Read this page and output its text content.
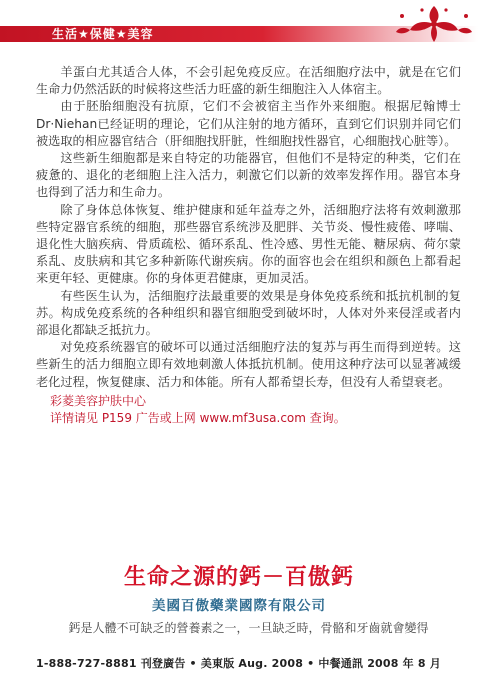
生活★保健★美容

羊蛋白尤其适合人体，不会引起免疫反应。在活细胞疗法中，就是在它们生命力仍然活跃的时候将这些活力旺盛的新生细胞注入人体宿主。

由于胚胎细胞没有抗原，它们不会被宿主当作外来细胞。根据尼翰博士Dr·Niehan已经证明的理论，它们从注射的地方循环，直到它们识别并同它们被选取的相应器官结合（肝细胞找肝脏，性细胞找性器官，心细胞找心脏等）。

这些新生细胞都是来自特定的功能器官，但他们不是特定的种类，它们在疲惫的、退化的老细胞上注入活力，刺激它们以新的效率发挥作用。器官本身也得到了活力和生命力。

除了身体总体恢复、维护健康和延年益寿之外，活细胞疗法将有效刺激那些特定器官系统的细胞，那些器官系统涉及肥胖、关节炎、慢性疲倦、哮喘、退化性大脑疾病、骨质疏松、循环系乱、性冷感、男性无能、糖尿病、荷尔蒙系乱、皮肤病和其它多种新陈代谢疾病。你的面容也会在组织和颜色上都看起来更年轻、更健康。你的身体更君健康，更加灵活。

有些医生认为，活细胞疗法最重要的效果是身体免疫系统和抵抗机制的复苏。构成免疫系统的各种组织和器官细胞受到破坏时，人体对外来侵淫或者内部退化都缺乏抵抗力。

对免疫系统器官的破坏可以通过活细胞疗法的复苏与再生而得到逆转。这些新生的活力细胞立即有效地刺激人体抵抗机制。使用这种疗法可以显著减缓老化过程，恢复健康、活力和体能。所有人都希望长寿，但没有人希望衰老。

彩菱美容护肤中心
详情请见 P159 广告或上网 www.mf3usa.com 查询。
生命之源的鈣－百傲鈣
美國百傲藥業國際有限公司
鈣是人體不可缺乏的營養素之一，一旦缺乏時，骨骼和牙齒就會變得
1-888-727-8881 刊登廣告 • 美東版 Aug. 2008 • 中餐通訊 2008 年 8 月
